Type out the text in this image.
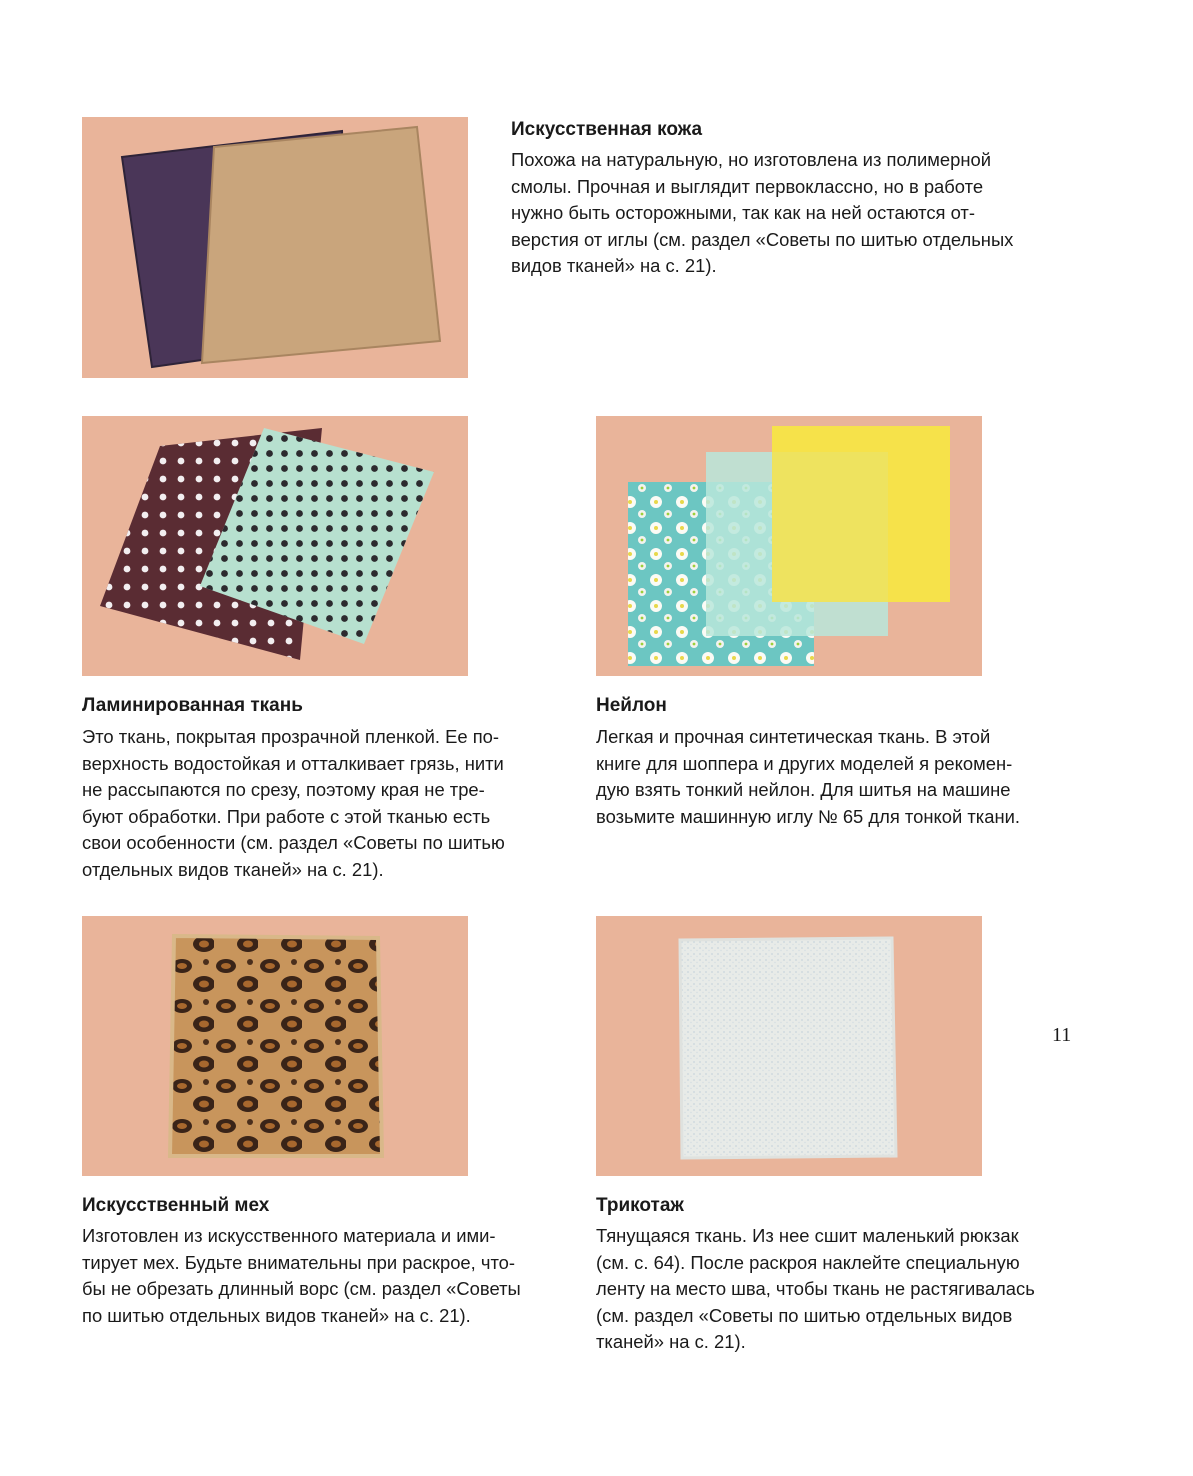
Искусственная кожа

Похожа на натуральную, но изготовлена из полимерной
смолы. Прочная и выглядит первоклассно, но в работе
нужно быть осторожными, так как на ней остаются от-
верстия от иглы (см. раздел «Советы по шитью отдельных
видов тканей» на с. 21).

Ламинированная ткань

Это ткань, покрытая прозрачной пленкой. Ее по-
верхность водостойкая и отталкивает грязь, нити
не рассыпаются по срезу, поэтому края не тре-
буют обработки. При работе с этой тканью есть
свои особенности (см. раздел «Советы по шитью
отдельных видов тканей» на с. 21).

Нейлон

Легкая и прочная синтетическая ткань. В этой
книге для шоппера и других моделей я рекомен-
дую взять тонкий нейлон. Для шитья на машине
возьмите машинную иглу № 65 для тонкой ткани.

Искусственный мех

Изготовлен из искусственного материала и ими-
тирует мех. Будьте внимательны при раскрое, что-
бы не обрезать длинный ворс (см. раздел «Советы
по шитью отдельных видов тканей» на с. 21).

Трикотаж

Тянущаяся ткань. Из нее сшит маленький рюкзак
(см. с. 64). После раскроя наклейте специальную
ленту на место шва, чтобы ткань не растягивалась
(см. раздел «Советы по шитью отдельных видов
тканей» на с. 21).

11
